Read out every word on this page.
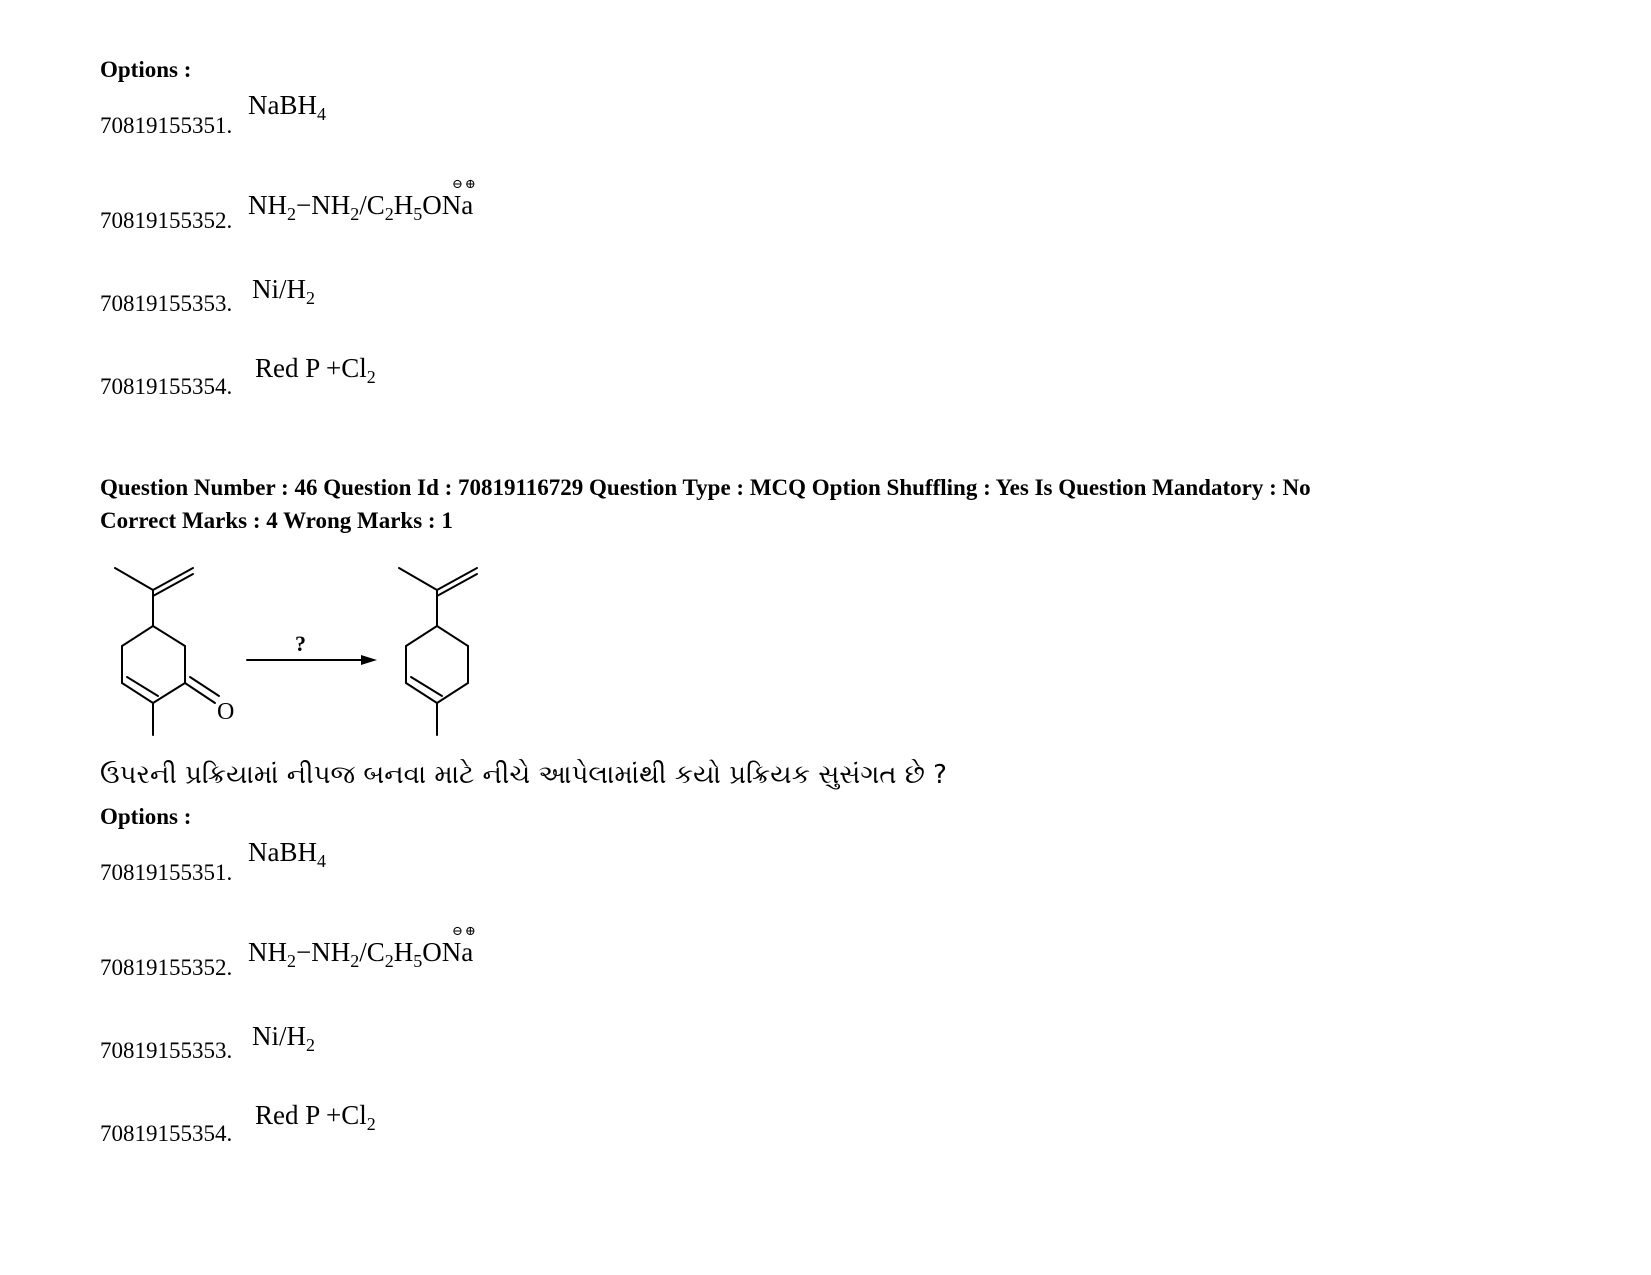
Options :
70819155351.
NaBH$_4$
70819155352.
⊖⊕
$NH_2-NH_2/C_2H_5ONa$
70819155353. $Ni/H_2$
70819155354.
Red $P +Cl_2$
Question Number : 46 Question Id : 70819116729 Question Type : MCQ Option Shuffling : Yes Is Question Mandatory : No
Correct Marks : 4 Wrong Marks : 1
O
?
ઉપરની પ્રક્રિયામાં નીપજ બનવા માટે નીચે આપેલામાંથી કયો પ્રક્રિયક સુસંગત છે ?
Options :
70819155351.
NaBH$_4$
70819155352.
⊖⊕
$NH_2-NH_2/C_2H_5ONa$
70819155353. $Ni/H_2$
70819155354.
Red $P +Cl_2$
